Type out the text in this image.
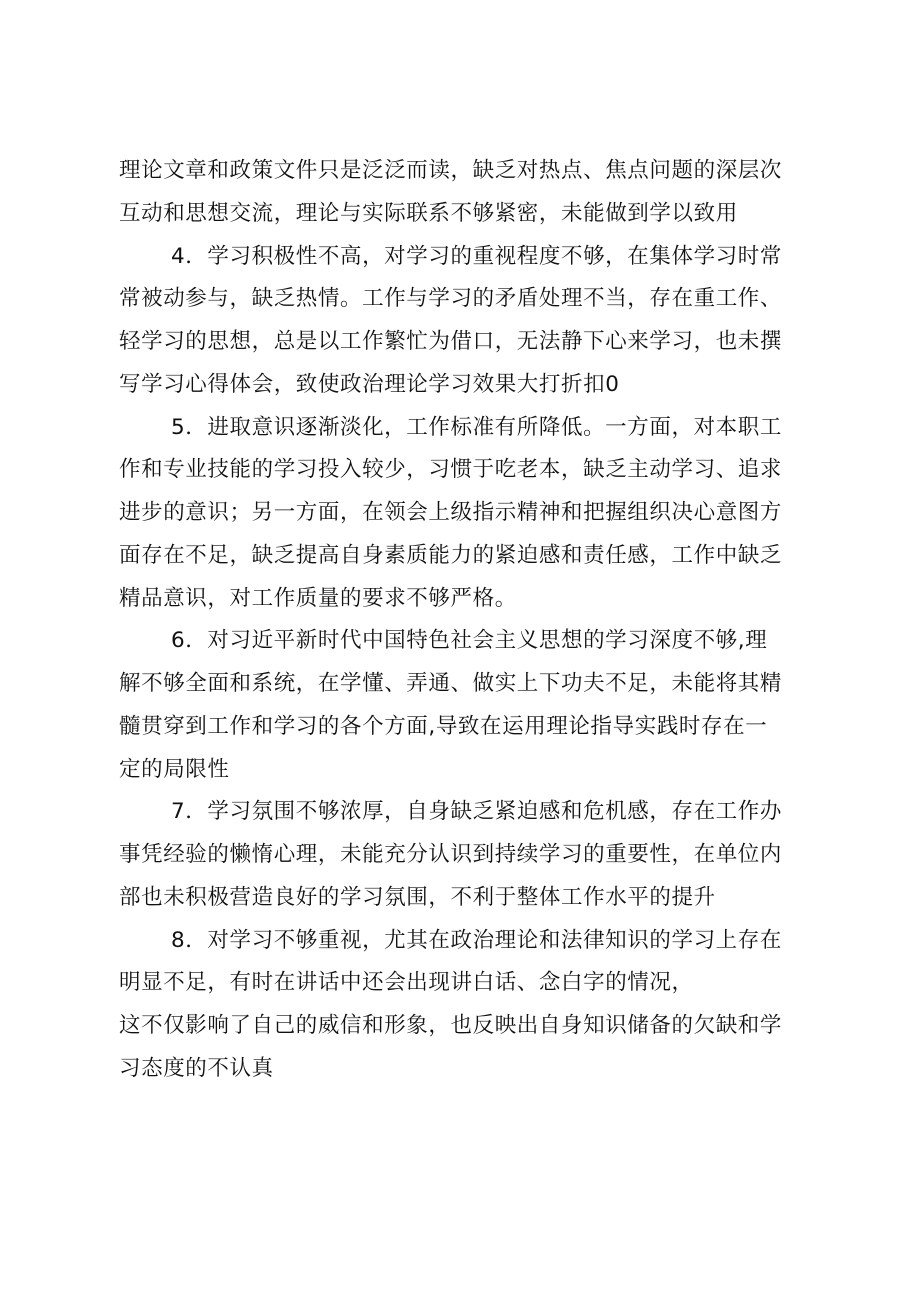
理论文章和政策文件只是泛泛而读，缺乏对热点、焦点问题的深层次
互动和思想交流，理论与实际联系不够紧密，未能做到学以致用
4．学习积极性不高，对学习的重视程度不够，在集体学习时常
常被动参与，缺乏热情。工作与学习的矛盾处理不当，存在重工作、
轻学习的思想，总是以工作繁忙为借口，无法静下心来学习，也未撰
写学习心得体会，致使政治理论学习效果大打折扣0
5．进取意识逐渐淡化，工作标准有所降低。一方面，对本职工
作和专业技能的学习投入较少，习惯于吃老本，缺乏主动学习、追求
进步的意识；另一方面，在领会上级指示精神和把握组织决心意图方
面存在不足，缺乏提高自身素质能力的紧迫感和责任感，工作中缺乏
精品意识，对工作质量的要求不够严格。
6．对习近平新时代中国特色社会主义思想的学习深度不够,理
解不够全面和系统，在学懂、弄通、做实上下功夫不足，未能将其精
髓贯穿到工作和学习的各个方面,导致在运用理论指导实践时存在一
定的局限性
7．学习氛围不够浓厚，自身缺乏紧迫感和危机感，存在工作办
事凭经验的懒惰心理，未能充分认识到持续学习的重要性，在单位内
部也未积极营造良好的学习氛围，不利于整体工作水平的提升
8．对学习不够重视，尤其在政治理论和法律知识的学习上存在
明显不足，有时在讲话中还会出现讲白话、念白字的情况，
这不仅影响了自己的威信和形象，也反映出自身知识储备的欠缺和学
习态度的不认真
